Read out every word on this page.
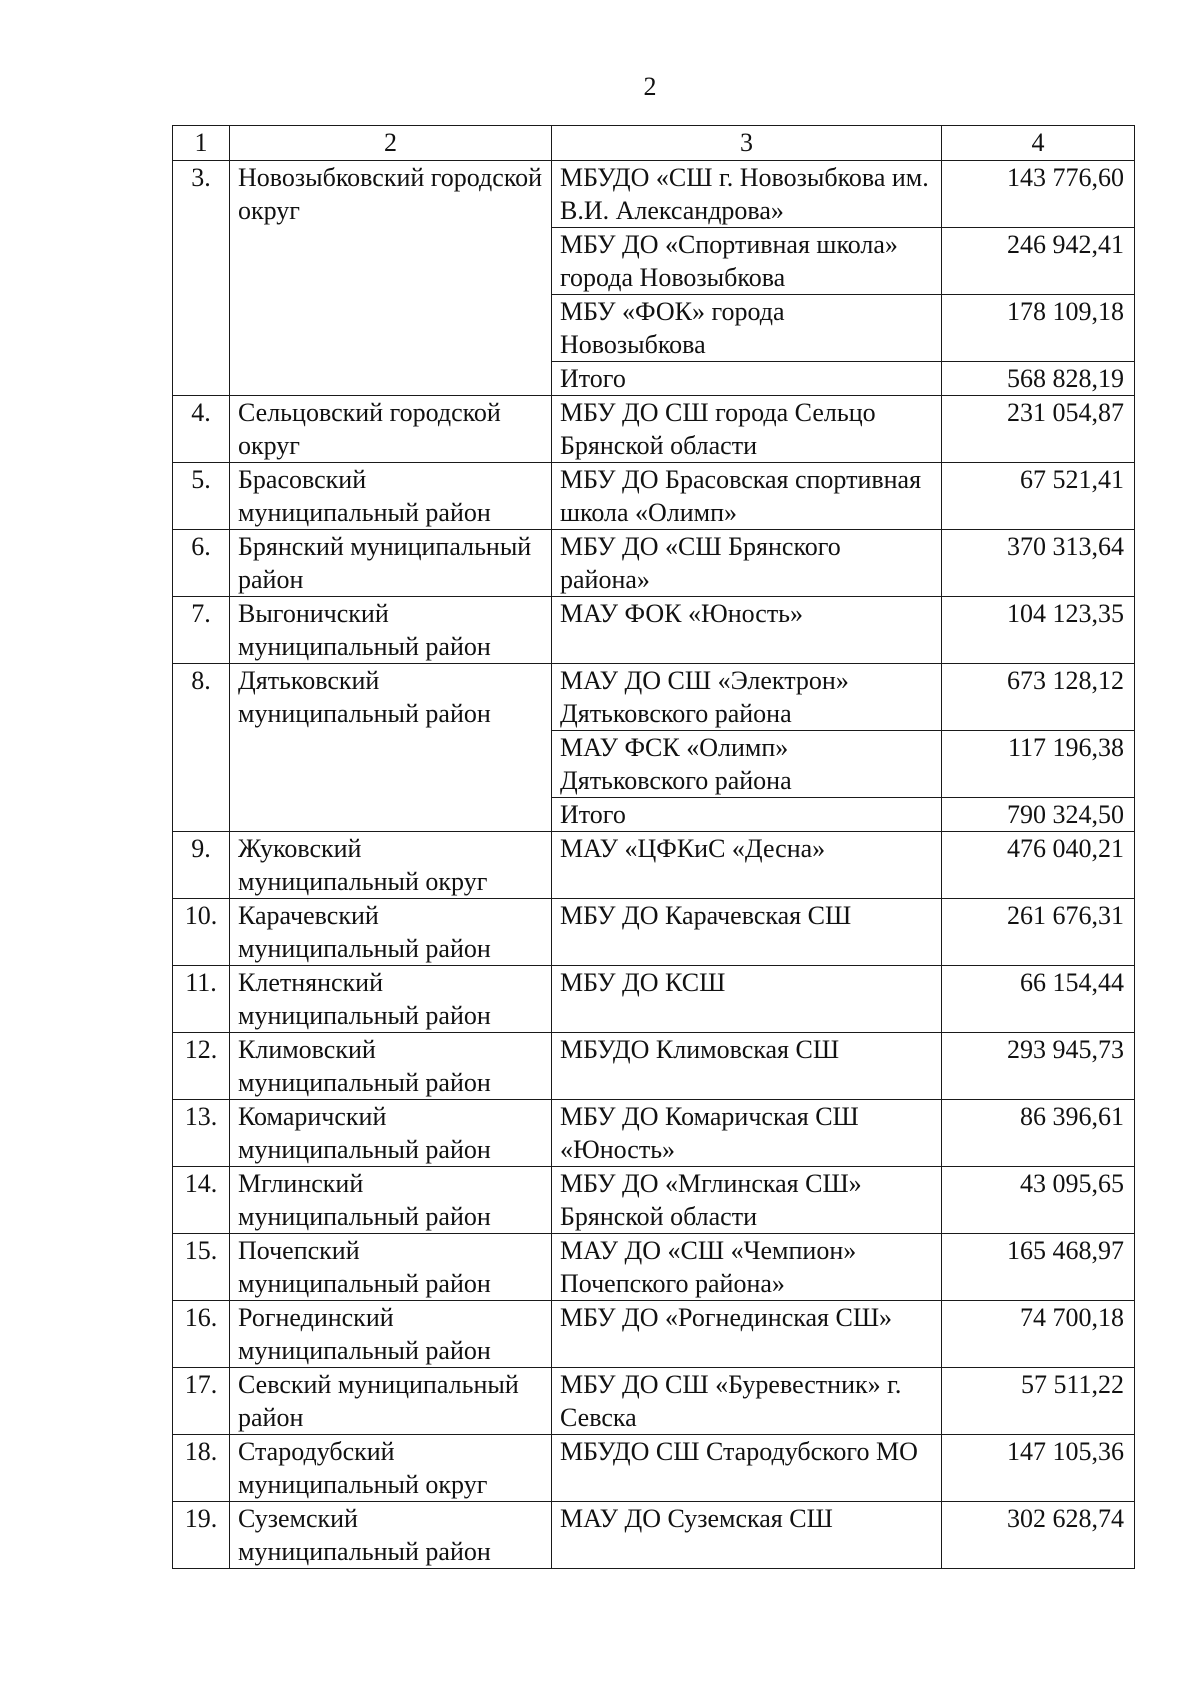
2
1	2	3	4
3.	Новозыбковский городской округ	МБУДО «СШ г. Новозыбкова им. В.И. Александрова»	143 776,60
		МБУ ДО «Спортивная школа» города Новозыбкова	246 942,41
		МБУ «ФОК» города Новозыбкова	178 109,18
		Итого	568 828,19
4.	Сельцовский городской округ	МБУ ДО СШ города Сельцо Брянской области	231 054,87
5.	Брасовский муниципальный район	МБУ ДО Брасовская спортивная школа «Олимп»	67 521,41
6.	Брянский муниципальный район	МБУ ДО «СШ Брянского района»	370 313,64
7.	Выгоничский муниципальный район	МАУ ФОК «Юность»	104 123,35
8.	Дятьковский муниципальный район	МАУ ДО СШ «Электрон» Дятьковского района	673 128,12
		МАУ ФСК «Олимп» Дятьковского района	117 196,38
		Итого	790 324,50
9.	Жуковский муниципальный округ	МАУ «ЦФКиС «Десна»	476 040,21
10.	Карачевский муниципальный район	МБУ ДО Карачевская СШ	261 676,31
11.	Клетнянский муниципальный район	МБУ ДО КСШ	66 154,44
12.	Климовский муниципальный район	МБУДО Климовская СШ	293 945,73
13.	Комаричский муниципальный район	МБУ ДО Комаричская СШ «Юность»	86 396,61
14.	Мглинский муниципальный район	МБУ ДО «Мглинская СШ» Брянской области	43 095,65
15.	Почепский муниципальный район	МАУ ДО «СШ «Чемпион» Почепского района»	165 468,97
16.	Рогнединский муниципальный район	МБУ ДО «Рогнединская СШ»	74 700,18
17.	Севский муниципальный район	МБУ ДО СШ «Буревестник» г. Севска	57 511,22
18.	Стародубский муниципальный округ	МБУДО СШ Стародубского МО	147 105,36
19.	Суземский муниципальный район	МАУ ДО Суземская СШ	302 628,74
